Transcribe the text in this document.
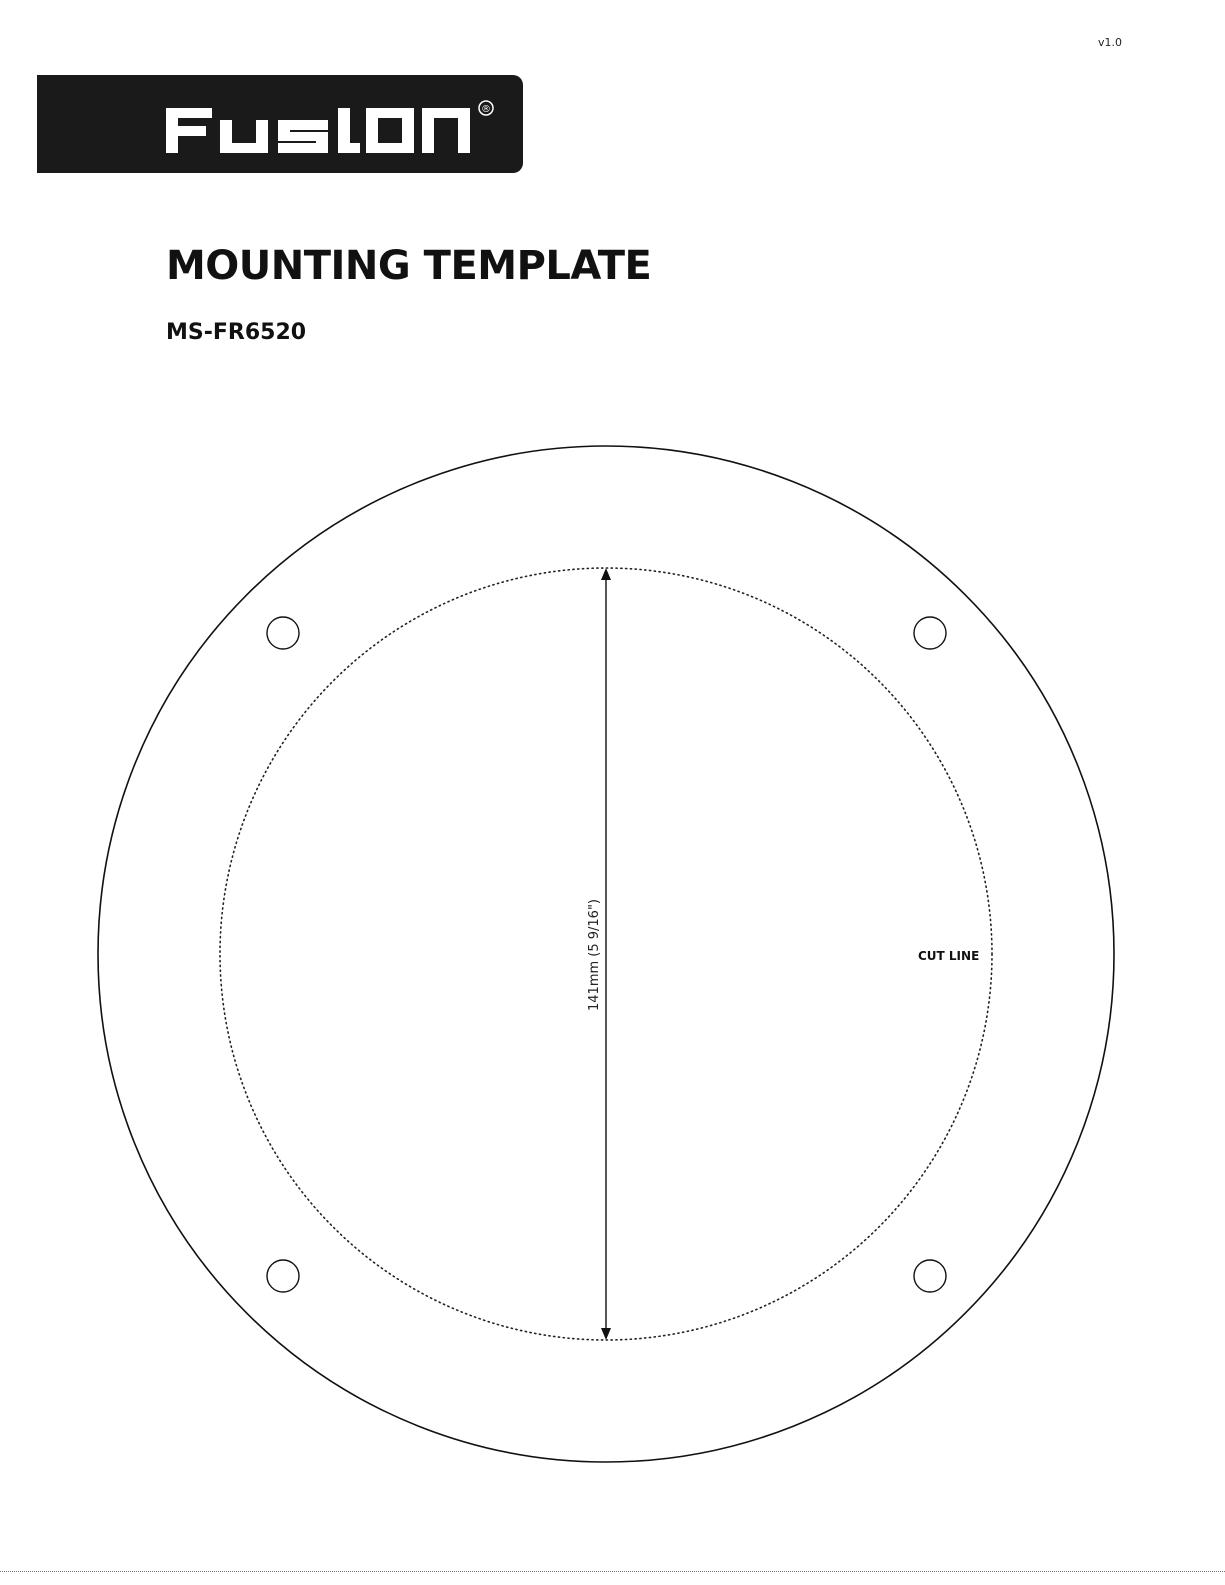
v1.0
®
MOUNTING TEMPLATE
MS-FR6520
141mm (5 9/16")	CUT LINE
